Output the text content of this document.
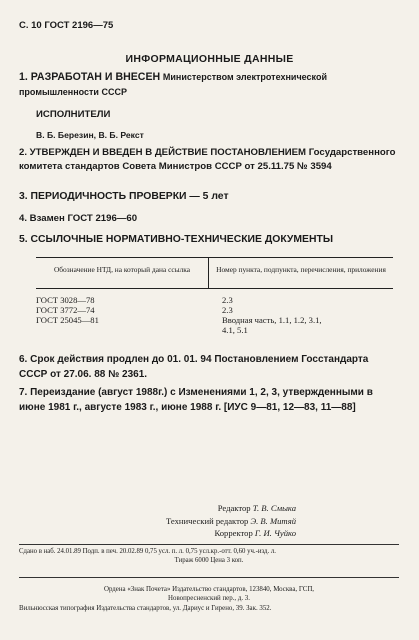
С. 10 ГОСТ 2196—75
ИНФОРМАЦИОННЫЕ ДАННЫЕ
1. РАЗРАБОТАН И ВНЕСЕН Министерством электротехнической промышленности СССР
ИСПОЛНИТЕЛИ
В. Б. Березин, В. Б. Рекст
2. УТВЕРЖДЕН И ВВЕДЕН В ДЕЙСТВИЕ ПОСТАНОВЛЕНИЕМ Государственного комитета стандартов Совета Министров СССР от 25.11.75 № 3594
3. ПЕРИОДИЧНОСТЬ ПРОВЕРКИ — 5 лет
4. Взамен ГОСТ 2196—60
5. ССЫЛОЧНЫЕ НОРМАТИВНО-ТЕХНИЧЕСКИЕ ДОКУМЕНТЫ
Обозначение НТД, на который дана ссылка	Номер пункта, подпункта, перечисления, приложения
ГОСТ 3028—78	2.3
ГОСТ 3772—74	2.3
ГОСТ 25045—81	Вводная часть, 1.1, 1.2, 3.1, 4.1, 5.1
6. Срок действия продлен до 01. 01. 94 Постановлением Госстандарта СССР от 27.06. 88 № 2361.
7. Переиздание (август 1988г.) с Изменениями 1, 2, 3, утвержденными в июне 1981 г., августе 1983 г., июне 1988 г. [ИУС 9—81, 12—83, 11—88]
Редактор Т. В. Смыка
Технический редактор Э. В. Митяй
Корректор Г. И. Чуйко
Сдано в наб. 24.01.89 Подп. в печ. 20.02.89 0,75 усл. п. л. 0,75 усл.кр.-отт. 0,60 уч.-изд. л.
Тираж 6000 Цена 3 коп.
Ордена «Знак Почета» Издательство стандартов, 123840, Москва, ГСП,
Новопресненский пер., д. 3.
Вильнюсская типография Издательства стандартов, ул. Дариус и Гирено, 39. Зак. 352.
